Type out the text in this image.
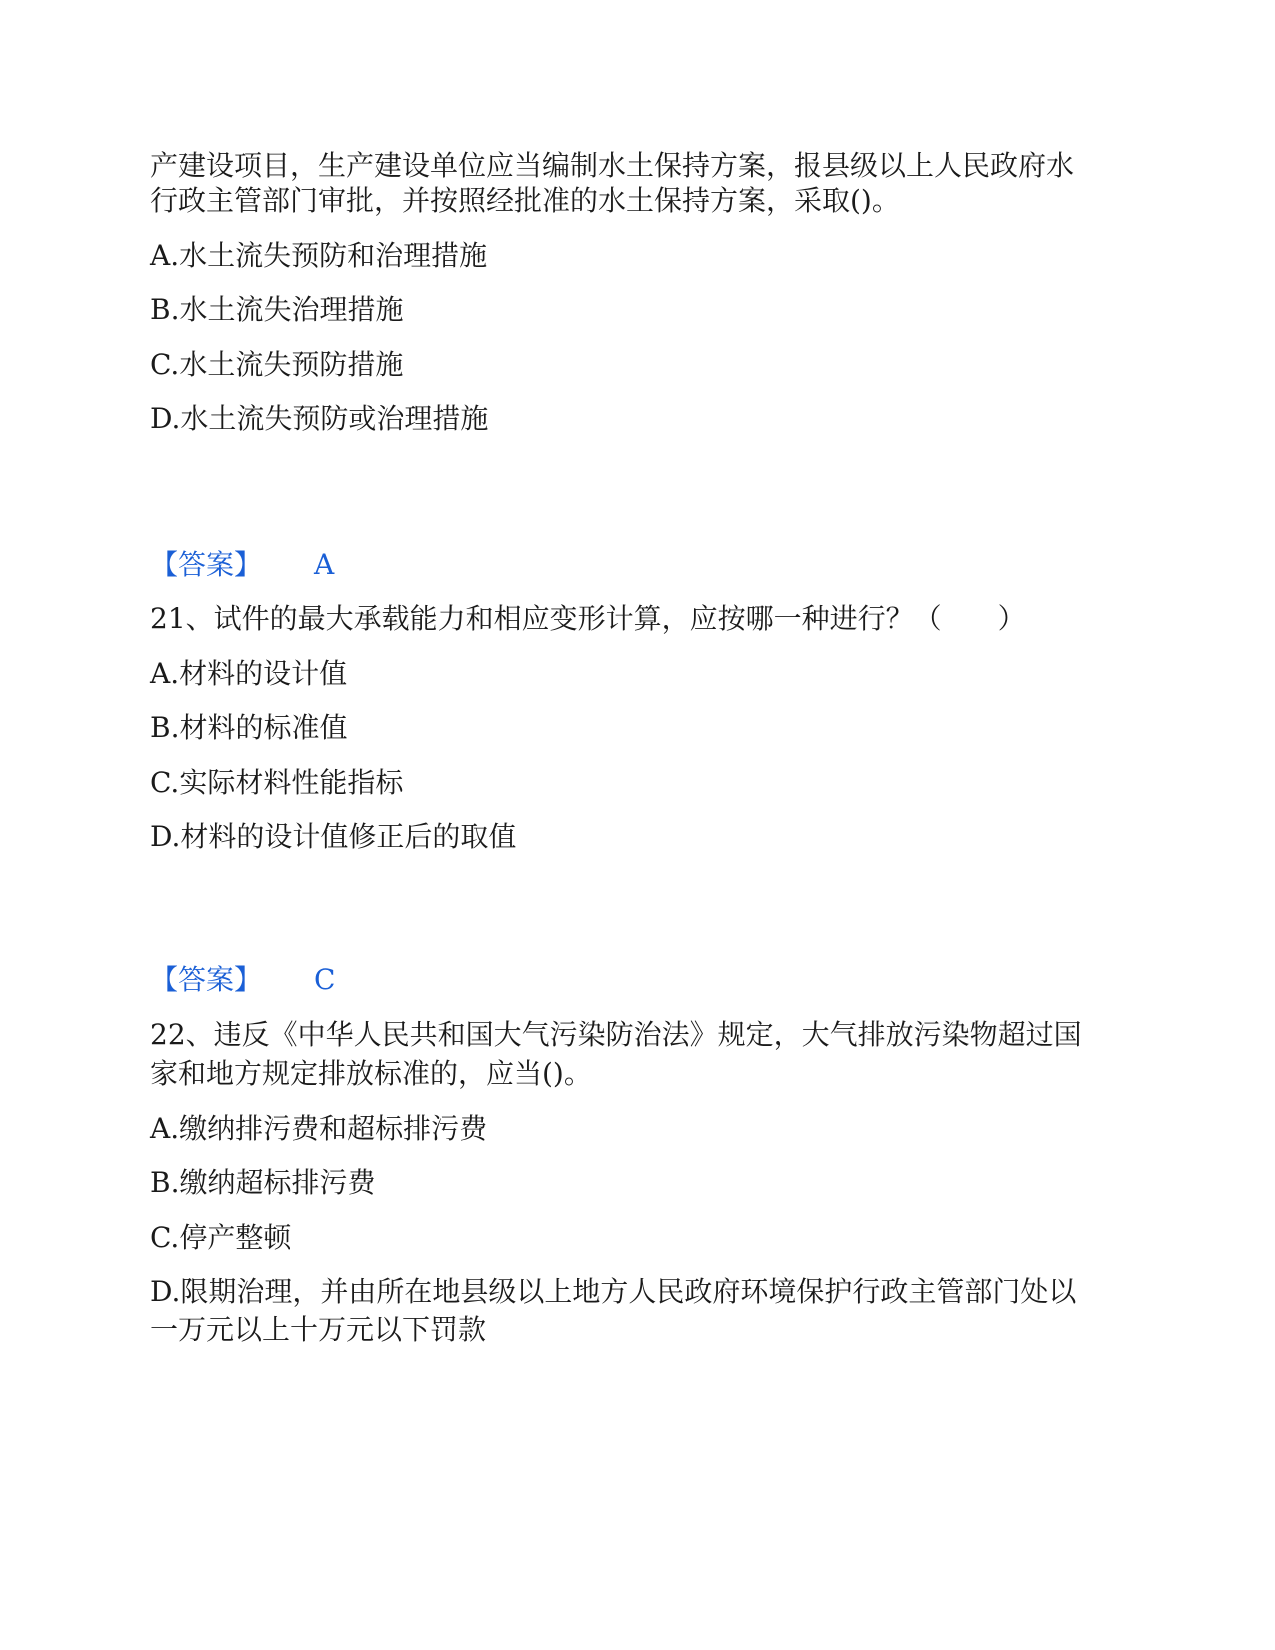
产建设项目，生产建设单位应当编制水土保持方案，报县级以上人民政府水
行政主管部门审批，并按照经批准的水土保持方案，采取()。
A.水土流失预防和治理措施
B.水土流失治理措施
C.水土流失预防措施
D.水土流失预防或治理措施
【答案】 A
21、试件的最大承载能力和相应变形计算，应按哪一种进行？（　　）
A.材料的设计值
B.材料的标准值
C.实际材料性能指标
D.材料的设计值修正后的取值
【答案】 C
22、违反《中华人民共和国大气污染防治法》规定，大气排放污染物超过国
家和地方规定排放标准的，应当()。
A.缴纳排污费和超标排污费
B.缴纳超标排污费
C.停产整顿
D.限期治理，并由所在地县级以上地方人民政府环境保护行政主管部门处以
一万元以上十万元以下罚款
